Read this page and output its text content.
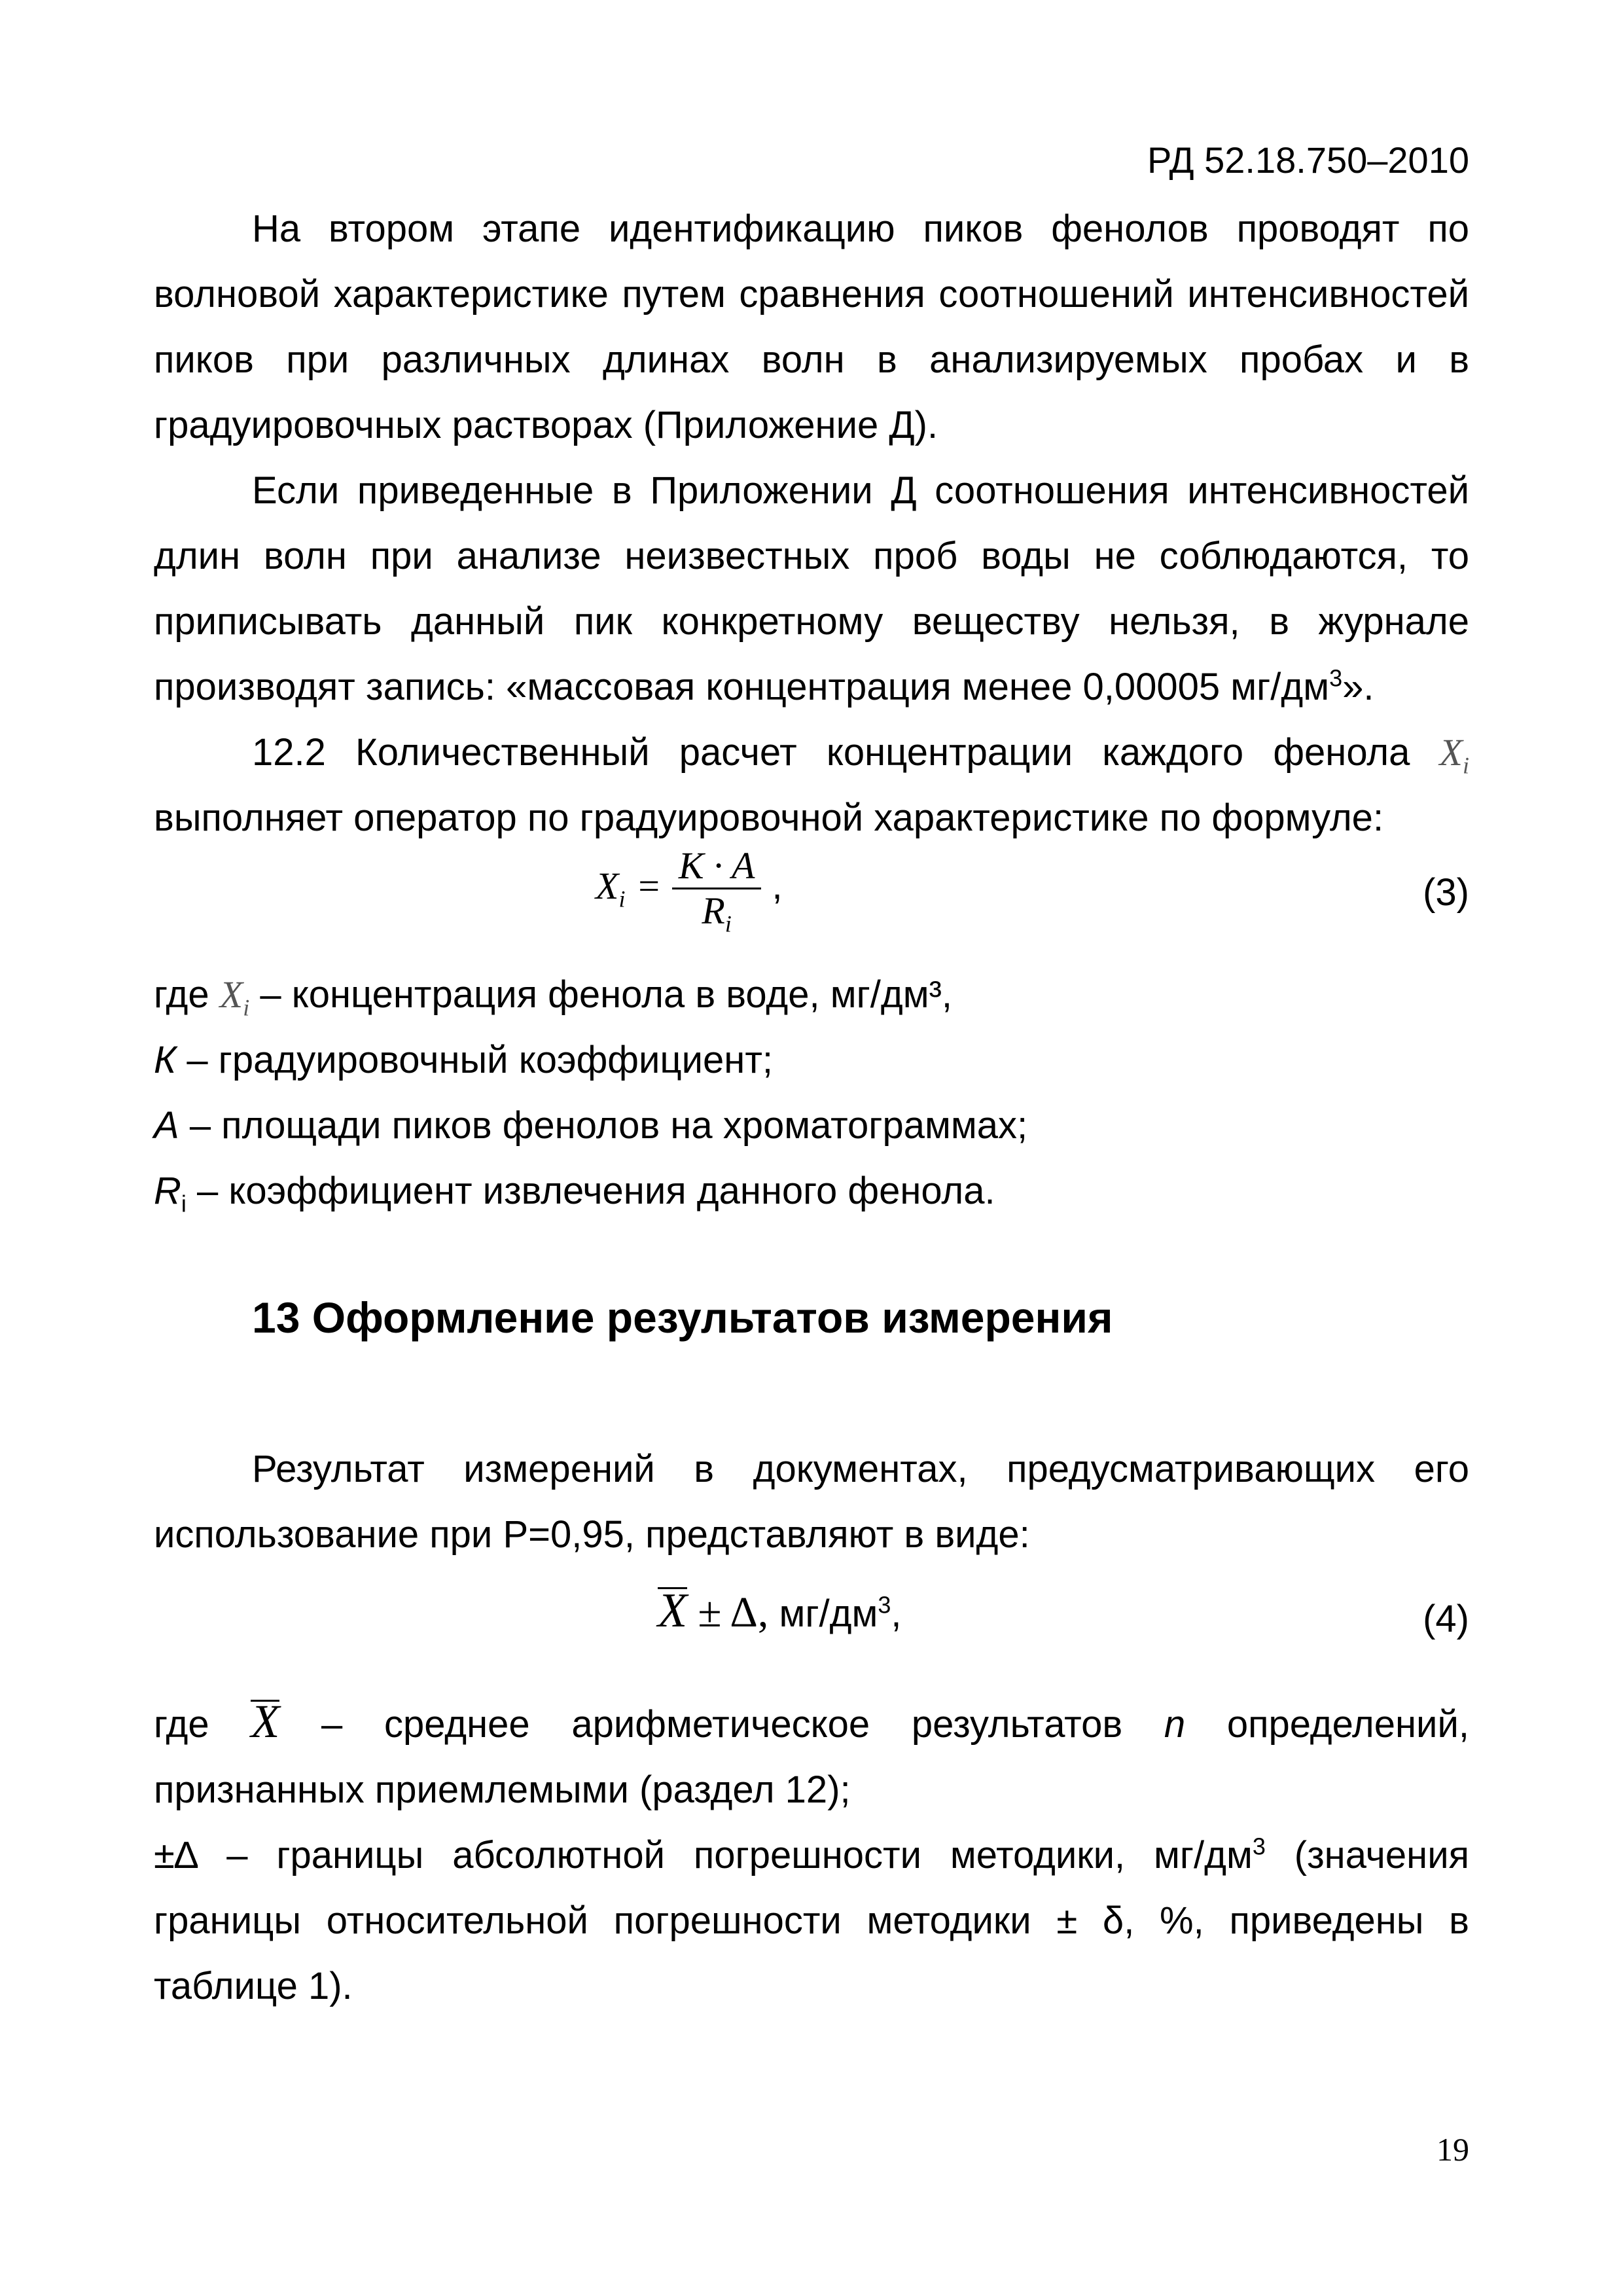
РД 52.18.750–2010
На втором этапе идентификацию пиков фенолов проводят по волновой характеристике путем сравнения соотношений интенсивностей пиков при различных длинах волн в анализируемых пробах и в градуировочных растворах (Приложение Д).
Если приведенные в Приложении Д соотношения интенсивностей длин волн при анализе неизвестных проб воды не соблюдаются, то приписывать данный пик конкретному веществу нельзя, в журнале производят запись: «массовая концентрация менее 0,00005 $мг/дм^3$».
12.2 Количественный расчет концентрации каждого фенола $X_i$ выполняет оператор по градуировочной характеристике по формуле:
$X_i = \frac{K \cdot A}{R_i}$ ,	(3)
где $X_i$ – концентрация фенола в воде, мг/дм³,
К – градуировочный коэффициент;
А – площади пиков фенолов на хроматограммах;
$R_i$ – коэффициент извлечения данного фенола.
13 Оформление результатов измерения
Результат измерений в документах, предусматривающих его использование при Р=0,95, представляют в виде:
X ± Δ, $мг/дм^3$,	(4)
где X – среднее арифметическое результатов n определений, признанных приемлемыми (раздел 12);
±∆ – границы абсолютной погрешности методики, $мг/дм^3$ (значения границы относительной погрешности методики ± δ, %, приведены в таблице 1).
19
